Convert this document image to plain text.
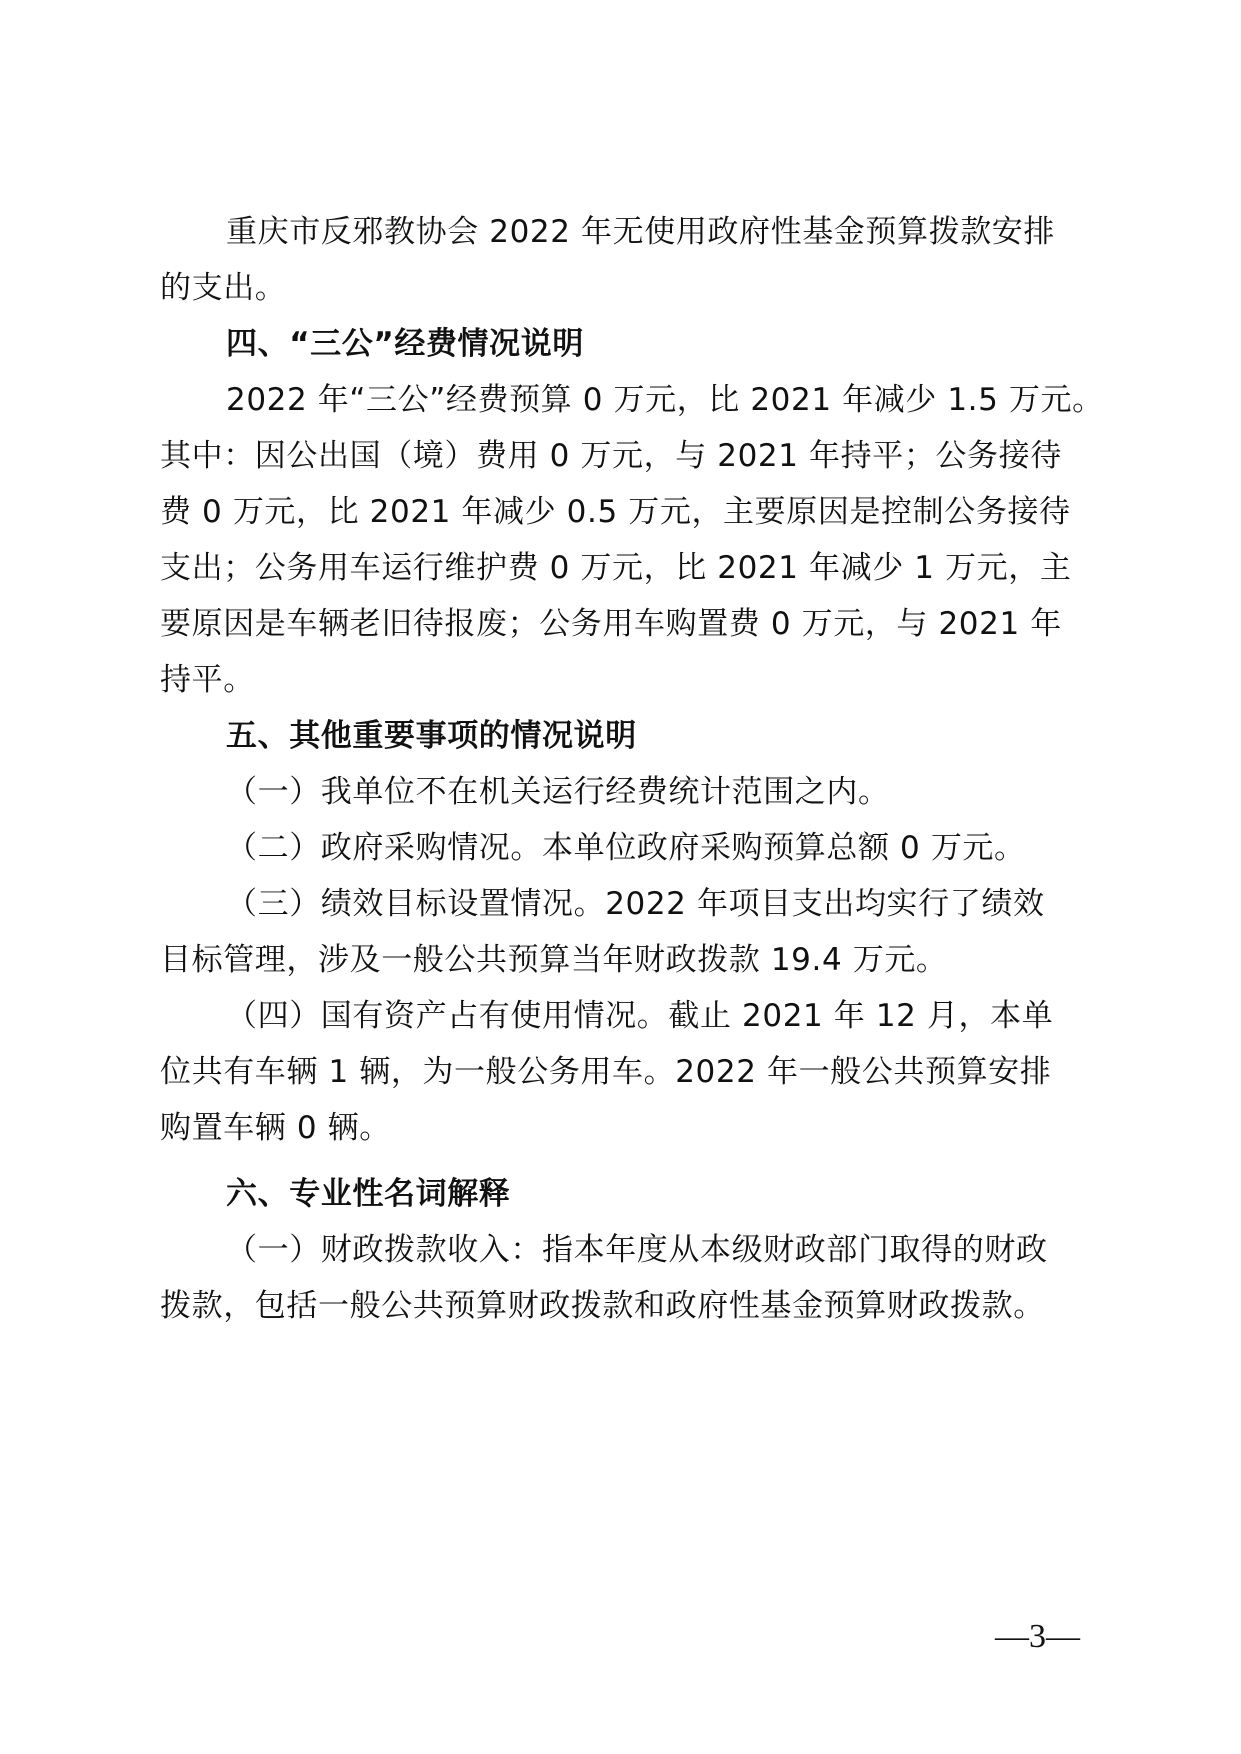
重庆市反邪教协会 2022 年无使用政府性基金预算拨款安排
的支出。
四、“三公”经费情况说明
2022 年“三公”经费预算 0 万元，比 2021 年减少 1.5 万元。
其中：因公出国（境）费用 0 万元，与 2021 年持平；公务接待
费 0 万元，比 2021 年减少 0.5 万元，主要原因是控制公务接待
支出；公务用车运行维护费 0 万元，比 2021 年减少 1 万元，主
要原因是车辆老旧待报废；公务用车购置费 0 万元，与 2021 年
持平。
五、其他重要事项的情况说明
（一）我单位不在机关运行经费统计范围之内。
（二）政府采购情况。本单位政府采购预算总额 0 万元。
（三）绩效目标设置情况。2022 年项目支出均实行了绩效
目标管理，涉及一般公共预算当年财政拨款 19.4 万元。
（四）国有资产占有使用情况。截止 2021 年 12 月，本单
位共有车辆 1 辆，为一般公务用车。2022 年一般公共预算安排
购置车辆 0 辆。
六、专业性名词解释
（一）财政拨款收入：指本年度从本级财政部门取得的财政
拨款，包括一般公共预算财政拨款和政府性基金预算财政拨款。
—3—
